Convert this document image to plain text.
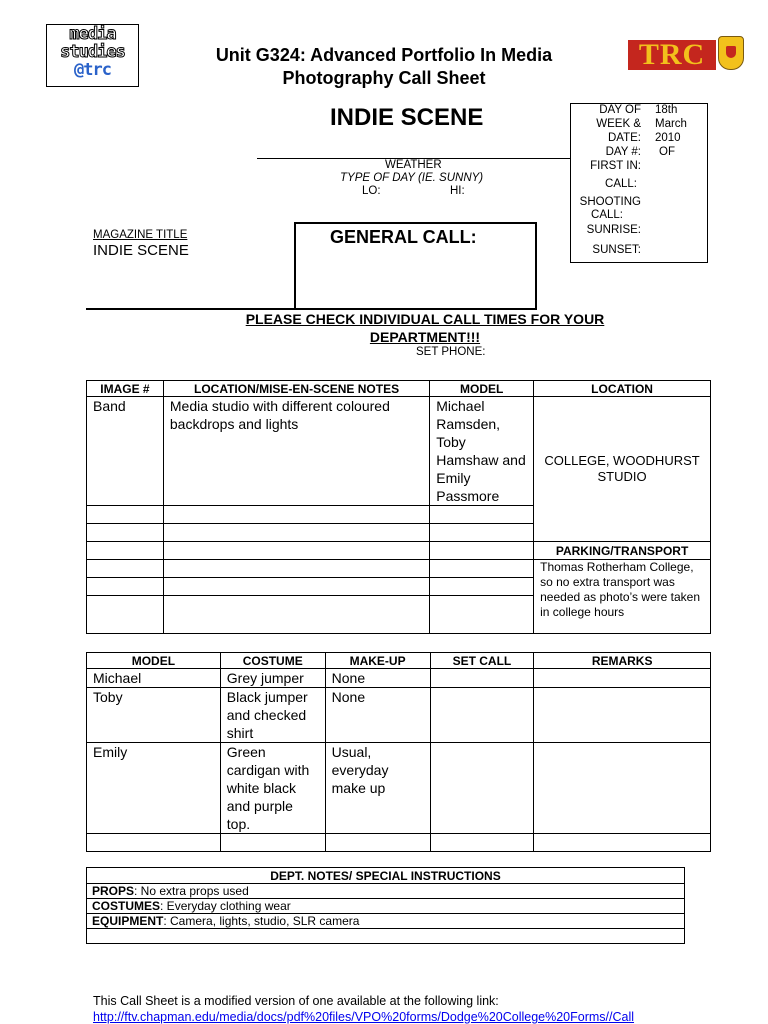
media
studies
@trc	TRC
Unit G324: Advanced Portfolio In Media
Photography Call Sheet
INDIE SCENE
WEATHER
TYPE OF DAY (IE. SUNNY)
LO:	HI:
DAY OF 18th
WEEK & March
DATE: 2010
DAY #: OF
FIRST IN:
CALL:
SHOOTING
CALL:
SUNRISE:
SUNSET:
MAGAZINE TITLE
INDIE SCENE
GENERAL CALL:
PLEASE CHECK INDIVIDUAL CALL TIMES FOR YOUR DEPARTMENT!!!
SET PHONE:
IMAGE #	LOCATION/MISE-EN-SCENE NOTES	MODEL	LOCATION
Band	Media studio with different coloured backdrops and lights	Michael Ramsden, Toby Hamshaw and Emily Passmore	COLLEGE, WOODHURST STUDIO

			PARKING/TRANSPORT
			Thomas Rotherham College, so no extra transport was needed as photo’s were taken in college hours

MODEL	COSTUME	MAKE-UP	SET CALL	REMARKS
Michael	Grey jumper	None		
Toby	Black jumper and checked shirt	None		
Emily	Green cardigan with white black and purple top.	Usual, everyday make up		

DEPT. NOTES/ SPECIAL INSTRUCTIONS
PROPS: No extra props used
COSTUMES: Everyday clothing wear
EQUIPMENT: Camera, lights, studio, SLR camera

This Call Sheet is a modified version of one available at the following link:
http://ftv.chapman.edu/media/docs/pdf%20files/VPO%20forms/Dodge%20College%20Forms//Call
